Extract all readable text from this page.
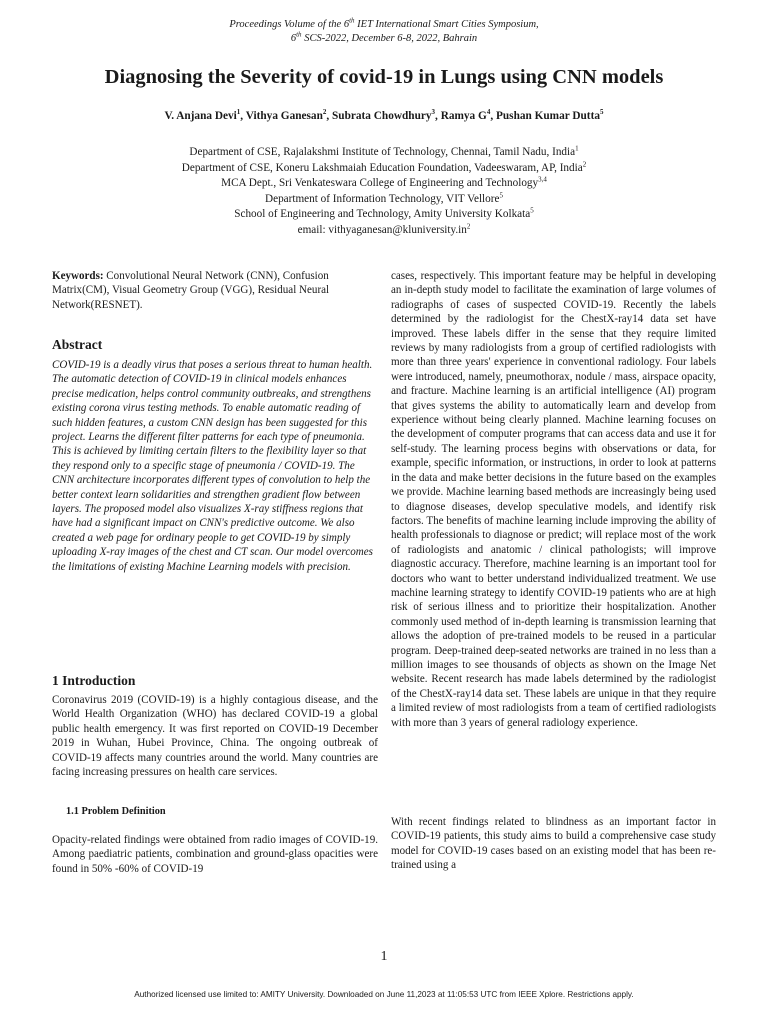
Proceedings Volume of the 6th IET International Smart Cities Symposium,
6th SCS-2022, December 6-8, 2022, Bahrain
Diagnosing the Severity of covid-19 in Lungs using CNN models
V. Anjana Devi$^1$, Vithya Ganesan$^2$, Subrata Chowdhury$^3$, Ramya $G^4$, Pushan Kumar Dutta$^5$
Department of CSE, Rajalakshmi Institute of Technology, Chennai, Tamil Nadu, India$^1$
Department of CSE, Koneru Lakshmaiah Education Foundation, Vadeeswaram, AP, India$^2$
MCA Dept., Sri Venkateswara College of Engineering and Technology$^{3,4}$
Department of Information Technology, VIT Vellore$^5$
School of Engineering and Technology, Amity University Kolkata$^5$
email: $vithyaganesan@kluniversity.in^2$
Keywords: Convolutional Neural Network (CNN), Confusion Matrix(CM), Visual Geometry Group (VGG), Residual Neural Network(RESNET).
Abstract
COVID-19 is a deadly virus that poses a serious threat to human health. The automatic detection of COVID-19 in clinical models enhances precise medication, helps control community outbreaks, and strengthens existing corona virus testing methods. To enable automatic reading of such hidden features, a custom CNN design has been suggested for this project. Learns the different filter patterns for each type of pneumonia. This is achieved by limiting certain filters to the flexibility layer so that they respond only to a specific stage of pneumonia / COVID-19. The CNN architecture incorporates different types of convolution to help the better context learn solidarities and strengthen gradient flow between layers. The proposed model also visualizes X-ray stiffness regions that have had a significant impact on CNN's predictive outcome. We also created a web page for ordinary people to get COVID-19 by simply uploading X-ray images of the chest and CT scan. Our model overcomes the limitations of existing Machine Learning models with precision.
1 Introduction
Coronavirus 2019 (COVID-19) is a highly contagious disease, and the World Health Organization (WHO) has declared COVID-19 a global public health emergency. It was first reported on COVID-19 December 2019 in Wuhan, Hubei Province, China. The ongoing outbreak of COVID-19 affects many countries around the world. Many countries are facing increasing pressures on health care services.
1.1 Problem Definition
Opacity-related findings were obtained from radio images of COVID-19. Among paediatric patients, combination and ground-glass opacities were found in 50% -60% of COVID-19
cases, respectively. This important feature may be helpful in developing an in-depth study model to facilitate the examination of large volumes of radiographs of cases of suspected COVID-19. Recently the labels determined by the radiologist for the ChestX-ray14 data set have improved. These labels differ in the sense that they require limited reviews by many radiologists from a group of certified radiologists with more than three years' experience in conventional radiology. Four labels were introduced, namely, pneumothorax, nodule / mass, airspace opacity, and fracture. Machine learning is an artificial intelligence (AI) program that gives systems the ability to automatically learn and develop from experience without being clearly planned. Machine learning focuses on the development of computer programs that can access data and use it for self-study. The learning process begins with observations or data, for example, specific information, or instructions, in order to look at patterns in the data and make better decisions in the future based on the examples we provide. Machine learning based methods are increasingly being used to diagnose diseases, develop speculative models, and identify risk factors. The benefits of machine learning include improving the ability of health professionals to diagnose or predict; will replace most of the work of radiologists and anatomic / clinical pathologists; will improve diagnostic accuracy. Therefore, machine learning is an important tool for doctors who want to better understand individualized treatment. We use machine learning strategy to identify COVID-19 patients who are at high risk of serious illness and to prioritize their hospitalization. Another commonly used method of in-depth learning is transmission learning that allows the adoption of pre-trained models to be reused in a particular program. Deep-trained deep-seated networks are trained in no less than a million images to see thousands of objects as shown on the Image Net website. Recent research has made labels determined by the radiologist of the ChestX-ray14 data set. These labels are unique in that they require a limited review of most radiologists from a team of certified radiologists with more than 3 years of general radiology experience.
With recent findings related to blindness as an important factor in COVID-19 patients, this study aims to build a comprehensive case study model for COVID-19 cases based on an existing model that has been re-trained using a
1
Authorized licensed use limited to: AMITY University. Downloaded on June 11,2023 at 11:05:53 UTC from IEEE Xplore. Restrictions apply.
